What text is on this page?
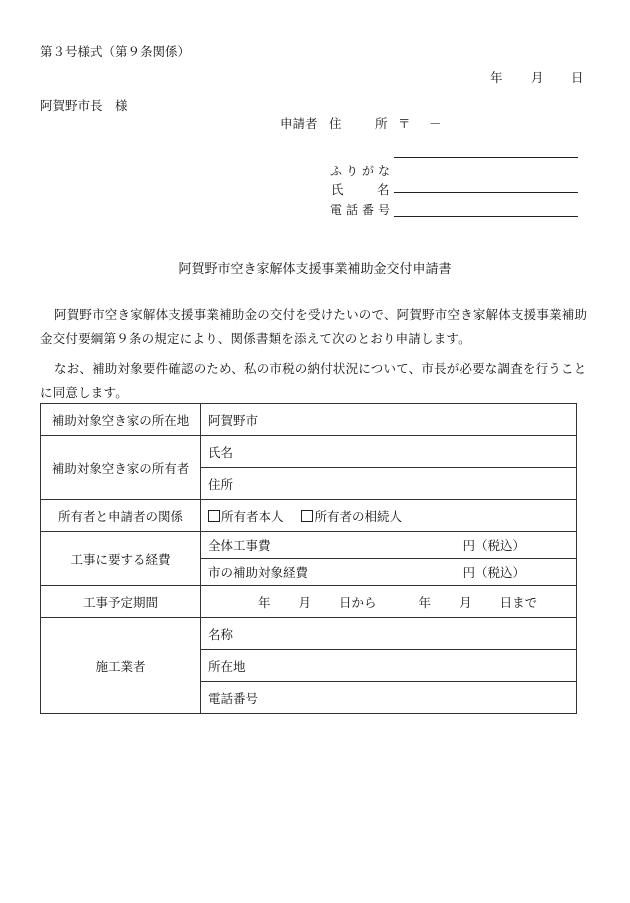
第３号様式（第９条関係）
年 月 日
阿賀野市長　様
申請者 住	所 〒 －
ふりがな
氏	名
電話番号
阿賀野市空き家解体支援事業補助金交付申請書
阿賀野市空き家解体支援事業補助金の交付を受けたいので、阿賀野市空き家解体支援事業補助金交付要綱第９条の規定により、関係書類を添えて次のとおり申請します。
なお、補助対象要件確認のため、私の市税の納付状況について、市長が必要な調査を行うことに同意します。
補助対象空き家の所在地	阿賀野市
補助対象空き家の所有者	氏名
	住所
所有者と申請者の関係	所有者本人 所有者の相続人
工事に要する経費	全体工事費 円（税込）

	市の補助対象経費 円（税込）

工事予定期間	年 月 日から 年 月 日まで
施工業者	名称
	所在地
	電話番号
